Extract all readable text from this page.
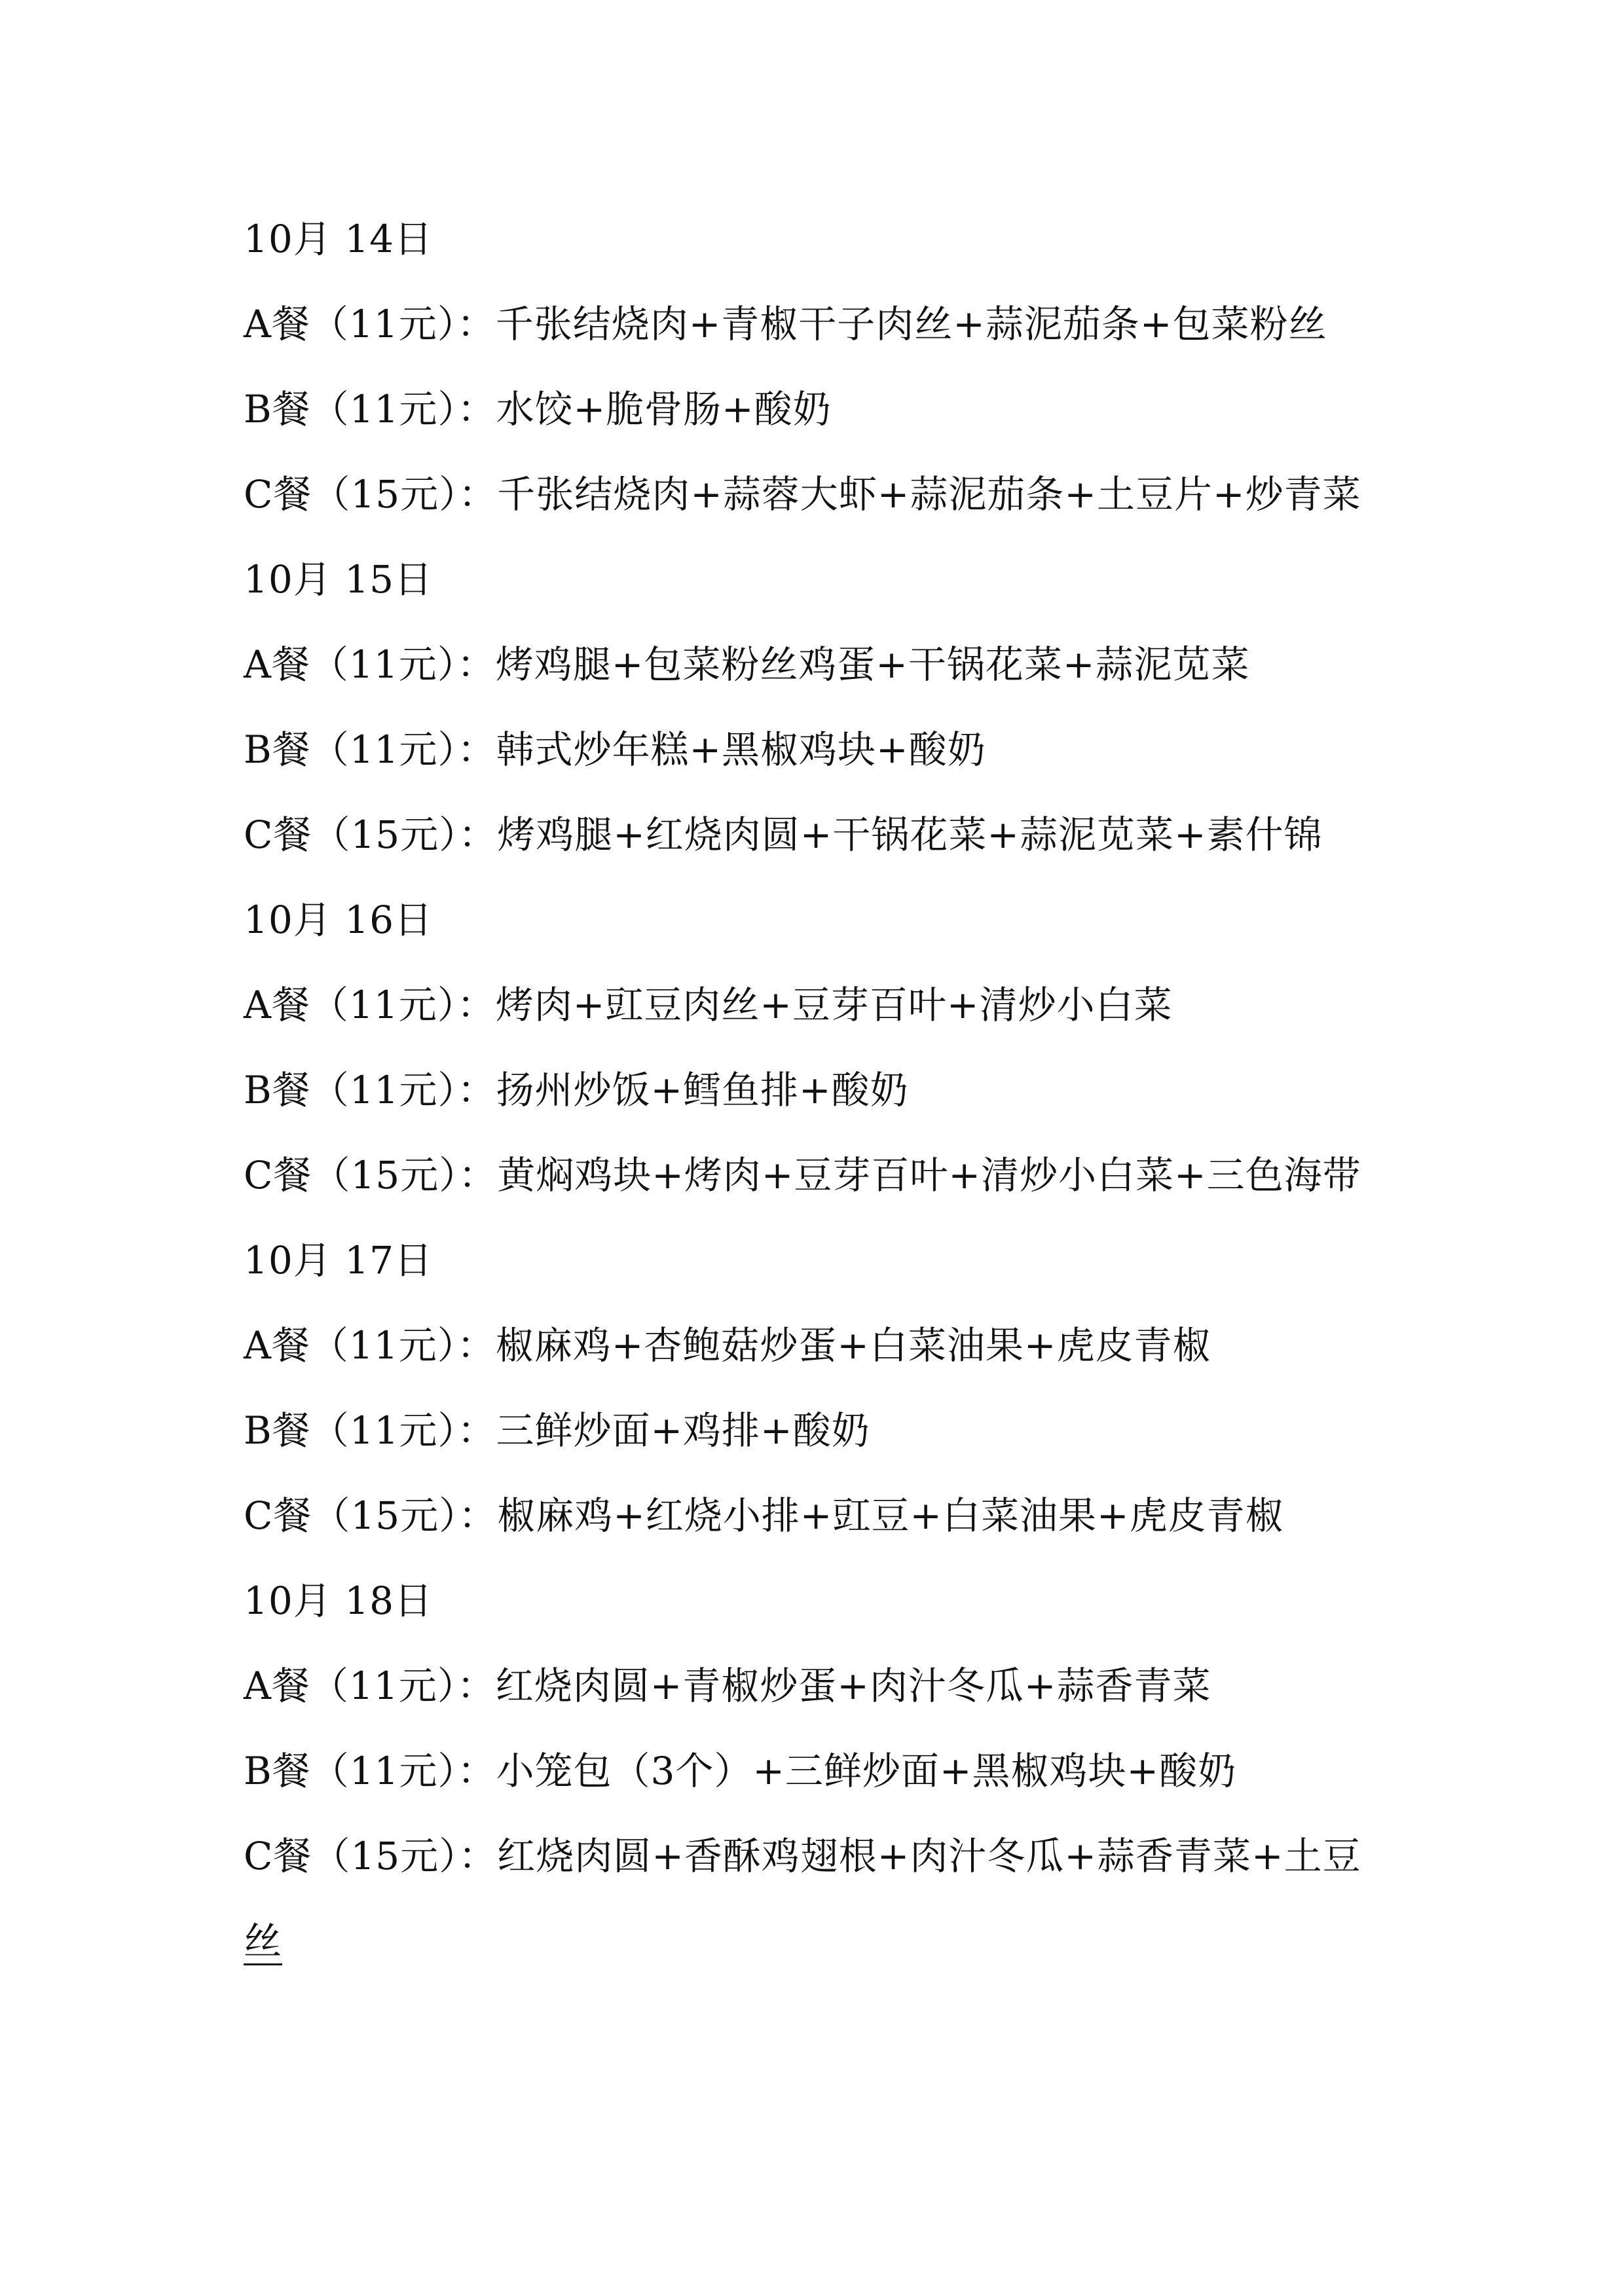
10月 14日
A餐（11元）：千张结烧肉+青椒干子肉丝+蒜泥茄条+包菜粉丝
B餐（11元）：水饺+脆骨肠+酸奶
C餐（15元）：千张结烧肉+蒜蓉大虾+蒜泥茄条+土豆片+炒青菜
10月 15日
A餐（11元）：烤鸡腿+包菜粉丝鸡蛋+干锅花菜+蒜泥苋菜
B餐（11元）：韩式炒年糕+黑椒鸡块+酸奶
C餐（15元）：烤鸡腿+红烧肉圆+干锅花菜+蒜泥苋菜+素什锦
10月 16日
A餐（11元）：烤肉+豇豆肉丝+豆芽百叶+清炒小白菜
B餐（11元）：扬州炒饭+鳕鱼排+酸奶
C餐（15元）：黄焖鸡块+烤肉+豆芽百叶+清炒小白菜+三色海带
10月 17日
A餐（11元）：椒麻鸡+杏鲍菇炒蛋+白菜油果+虎皮青椒
B餐（11元）：三鲜炒面+鸡排+酸奶
C餐（15元）：椒麻鸡+红烧小排+豇豆+白菜油果+虎皮青椒
10月 18日
A餐（11元）：红烧肉圆+青椒炒蛋+肉汁冬瓜+蒜香青菜
B餐（11元）：小笼包（3个）+三鲜炒面+黑椒鸡块+酸奶
C餐（15元）：红烧肉圆+香酥鸡翅根+肉汁冬瓜+蒜香青菜+土豆
丝
